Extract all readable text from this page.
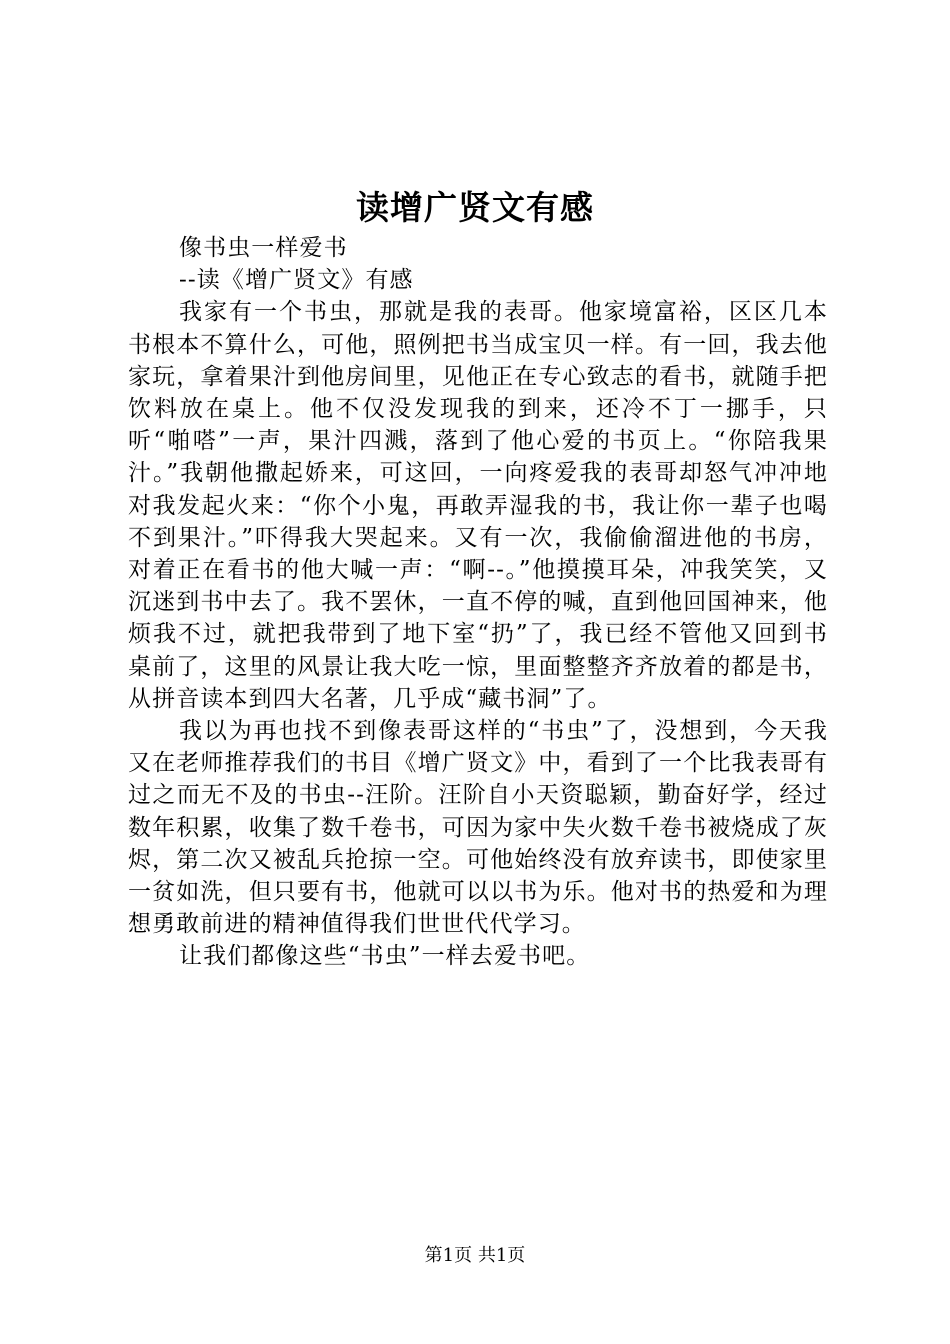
读增广贤文有感

像书虫一样爱书

--读《增广贤文》有感

我家有一个书虫，那就是我的表哥。他家境富裕，区区几本书根本不算什么，可他，照例把书当成宝贝一样。有一回，我去他家玩，拿着果汁到他房间里，见他正在专心致志的看书，就随手把饮料放在桌上。他不仅没发现我的到来，还冷不丁一挪手，只听“啪嗒”一声，果汁四溅，落到了他心爱的书页上。“你陪我果汁。”我朝他撒起娇来，可这回，一向疼爱我的表哥却怒气冲冲地对我发起火来：“你个小鬼，再敢弄湿我的书，我让你一辈子也喝不到果汁。”吓得我大哭起来。又有一次，我偷偷溜进他的书房，对着正在看书的他大喊一声：“啊--。”他摸摸耳朵，冲我笑笑，又沉迷到书中去了。我不罢休，一直不停的喊，直到他回国神来，他烦我不过，就把我带到了地下室“扔”了，我已经不管他又回到书桌前了，这里的风景让我大吃一惊，里面整整齐齐放着的都是书，从拼音读本到四大名著，几乎成“藏书洞”了。

我以为再也找不到像表哥这样的“书虫”了，没想到，今天我又在老师推荐我们的书目《增广贤文》中，看到了一个比我表哥有过之而无不及的书虫--汪阶。汪阶自小天资聪颖，勤奋好学，经过数年积累，收集了数千卷书，可因为家中失火数千卷书被烧成了灰烬，第二次又被乱兵抢掠一空。可他始终没有放弃读书，即使家里一贫如洗，但只要有书，他就可以以书为乐。他对书的热爱和为理想勇敢前进的精神值得我们世世代代学习。

让我们都像这些“书虫”一样去爱书吧。

第1页 共1页
